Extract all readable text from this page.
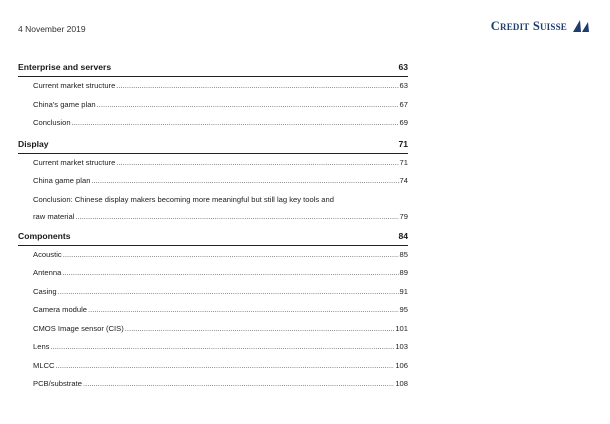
4 November 2019	Credit Suisse
Enterprise and servers	63
Current market structure .....	63
China's game plan .....	67
Conclusion .....	69
Display	71
Current market structure .....	71
China game plan .....	74
Conclusion: Chinese display makers becoming more meaningful but still lag key tools and
raw material .....	79
Components	84
Acoustic .....	85
Antenna .....	89
Casing .....	91
Camera module .....	95
CMOS Image sensor (CIS) .....	101
Lens .....	103
MLCC .....	106
PCB/substrate .....	108
